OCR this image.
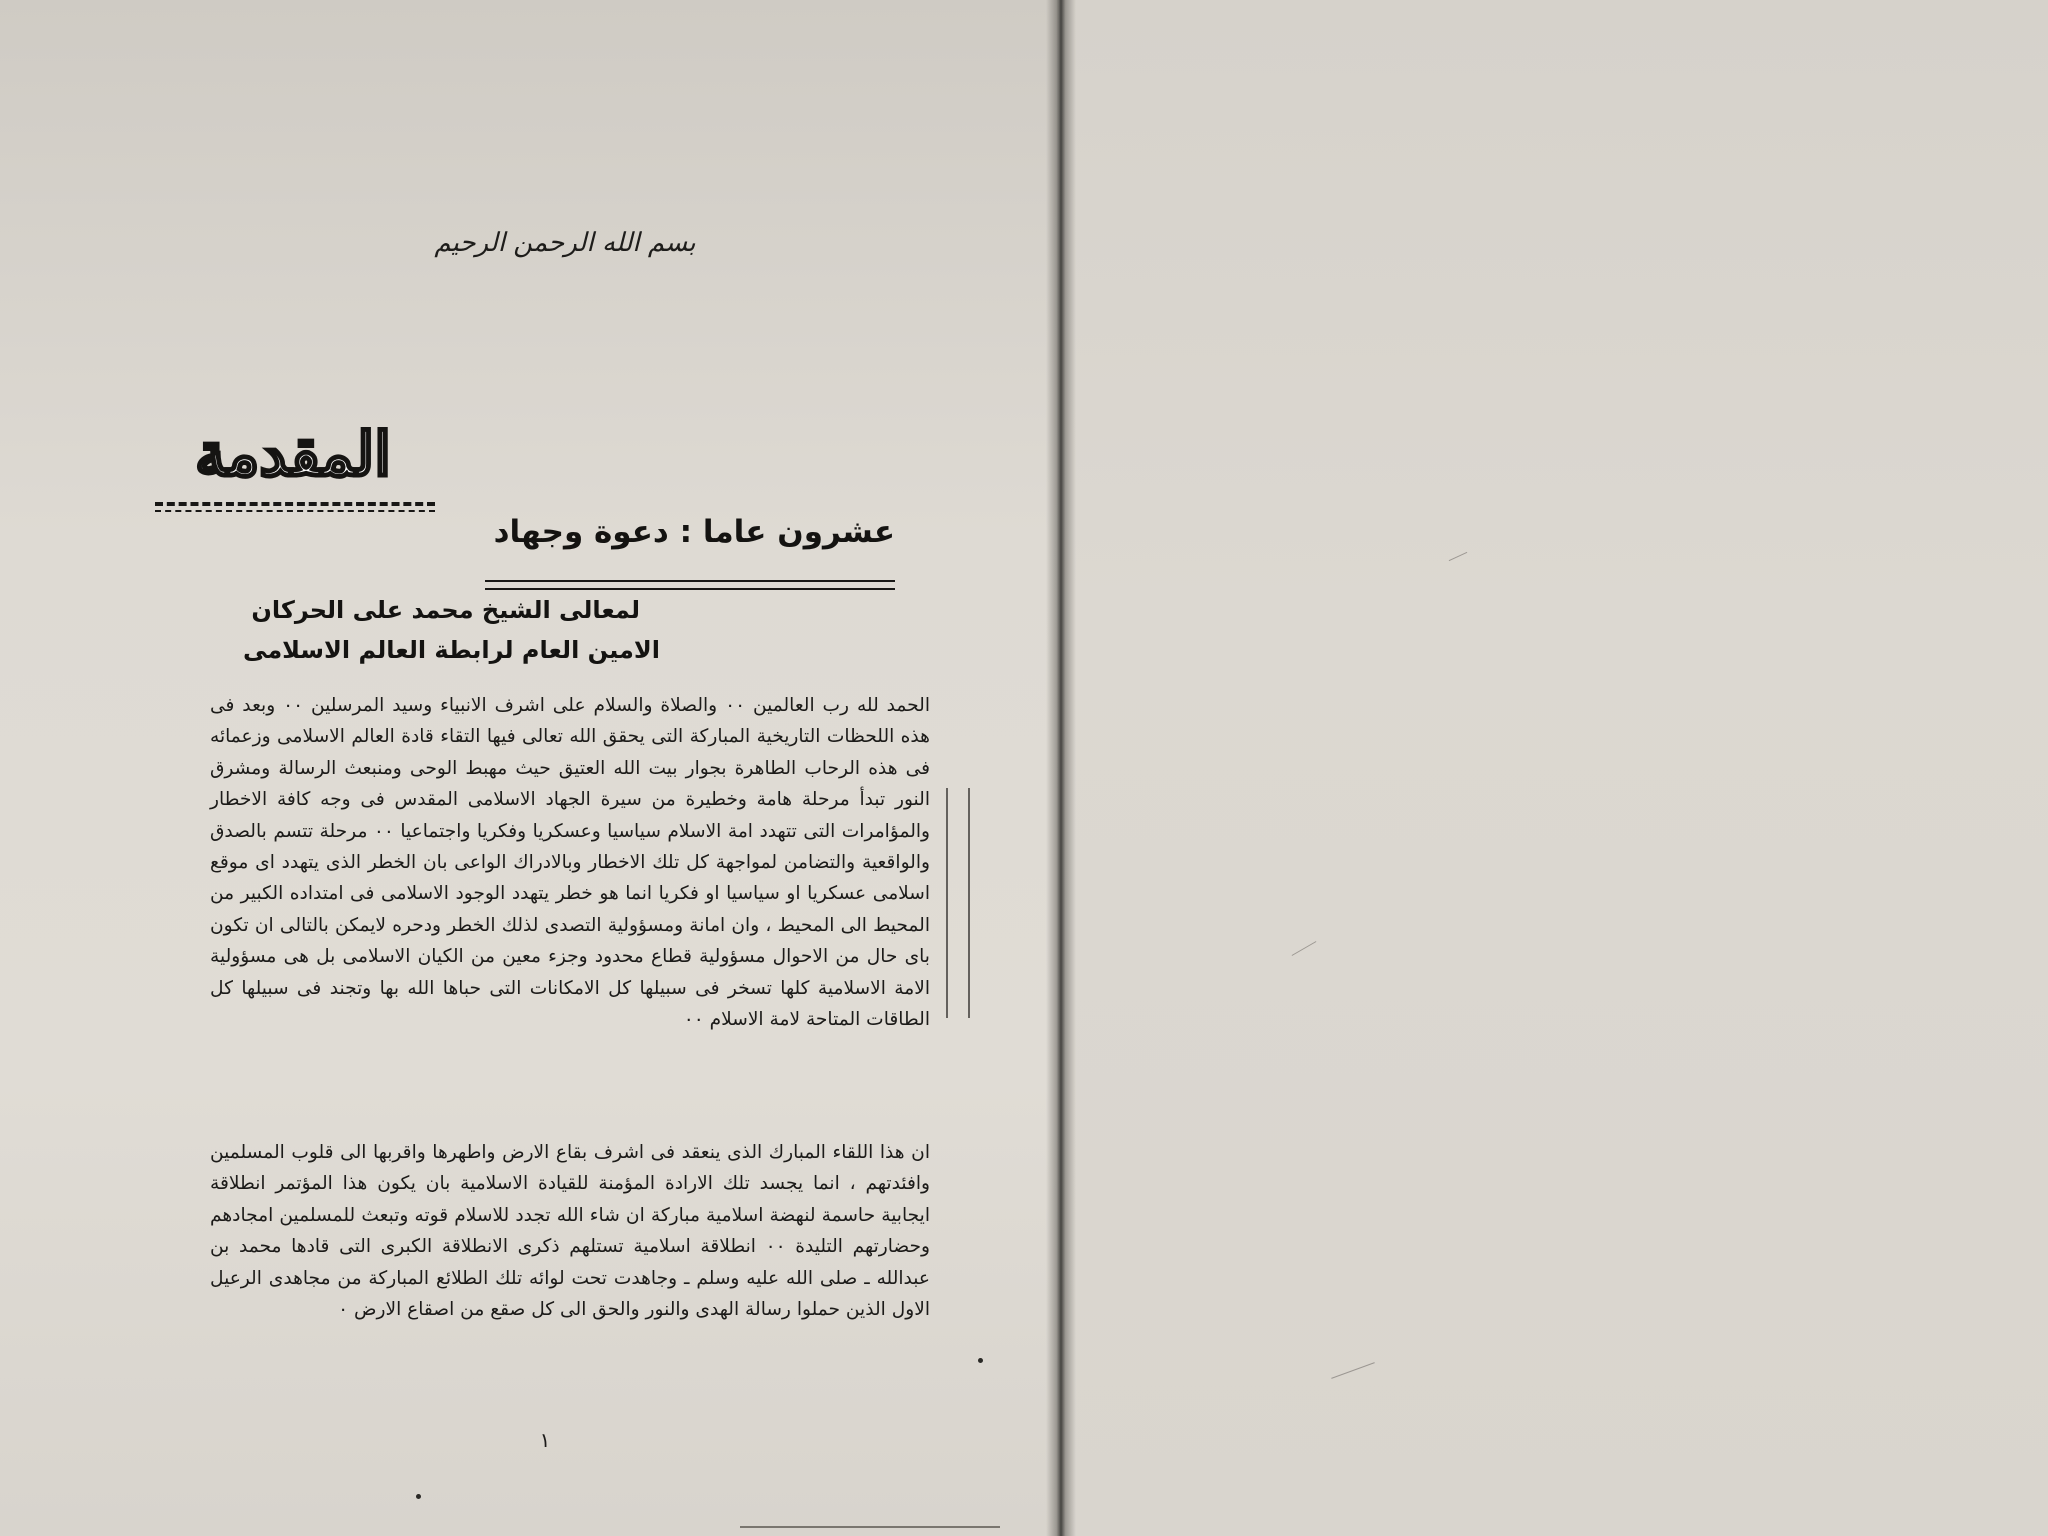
بسم الله الرحمن الرحيم
المقدمة
عشرون عاما : دعوة وجهاد
لمعالى الشيخ محمد على الحركان
الامين العام لرابطة العالم الاسلامى

الحمد لله رب العالمين ٠٠ والصلاة والسلام على اشرف الانبياء وسيد المرسلين ٠٠ وبعد فى هذه اللحظات التاريخية المباركة التى يحقق الله تعالى فيها التقاء قادة العالم الاسلامى وزعمائه فى هذه الرحاب الطاهرة بجوار بيت الله العتيق حيث مهبط الوحى ومنبعث الرسالة ومشرق النور تبدأ مرحلة هامة وخطيرة من سيرة الجهاد الاسلامى المقدس فى وجه كافة الاخطار والمؤامرات التى تتهدد امة الاسلام سياسيا وعسكريا وفكريا واجتماعيا ٠٠ مرحلة تتسم بالصدق والواقعية والتضامن لمواجهة كل تلك الاخطار وبالادراك الواعى بان الخطر الذى يتهدد اى موقع اسلامى عسكريا او سياسيا او فكريا انما هو خطر يتهدد الوجود الاسلامى فى امتداده الكبير من المحيط الى المحيط ، وان امانة ومسؤولية التصدى لذلك الخطر ودحره لايمكن بالتالى ان تكون باى حال من الاحوال مسؤولية قطاع محدود وجزء معين من الكيان الاسلامى بل هى مسؤولية الامة الاسلامية كلها تسخر فى سبيلها كل الامكانات التى حباها الله بها وتجند فى سبيلها كل الطاقات المتاحة لامة الاسلام ٠٠

ان هذا اللقاء المبارك الذى ينعقد فى اشرف بقاع الارض واطهرها واقربها الى قلوب المسلمين وافئدتهم ، انما يجسد تلك الارادة المؤمنة للقيادة الاسلامية بان يكون هذا المؤتمر انطلاقة ايجابية حاسمة لنهضة اسلامية مباركة ان شاء الله تجدد للاسلام قوته وتبعث للمسلمين امجادهم وحضارتهم التليدة ٠٠ انطلاقة اسلامية تستلهم ذكرى الانطلاقة الكبرى التى قادها محمد بن عبدالله ـ صلى الله عليه وسلم ـ وجاهدت تحت لوائه تلك الطلائع المباركة من مجاهدى الرعيل الاول الذين حملوا رسالة الهدى والنور والحق الى كل صقع من اصقاع الارض ٠

١
